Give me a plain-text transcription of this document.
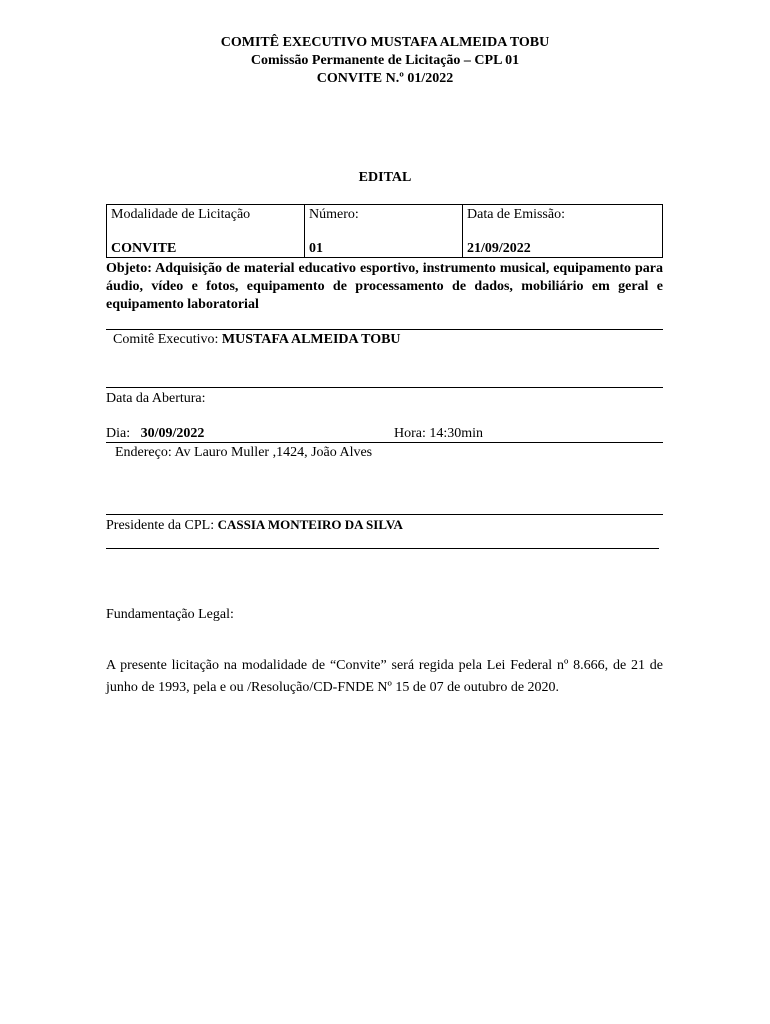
COMITÊ EXECUTIVO MUSTAFA ALMEIDA TOBU
Comissão Permanente de Licitação – CPL 01
CONVITE N.º 01/2022
EDITAL
Modalidade de Licitação
CONVITE
Número:
01
Data de Emissão:
21/09/2022
Objeto: Adquisição de material educativo esportivo, instrumento musical, equipamento para áudio, vídeo e fotos, equipamento de processamento de dados, mobiliário em geral e equipamento laboratorial
Comitê Executivo: MUSTAFA ALMEIDA TOBU
Data da Abertura:
Dia: 30/09/2022	Hora: 14:30min
Endereço: Av Lauro Muller ,1424, João Alves
Presidente da CPL: CASSIA MONTEIRO DA SILVA
Fundamentação Legal:
A presente licitação na modalidade de “Convite” será regida pela Lei Federal nº 8.666, de 21 de junho de 1993, pela e ou /Resolução/CD-FNDE Nº 15 de 07 de outubro de 2020.
